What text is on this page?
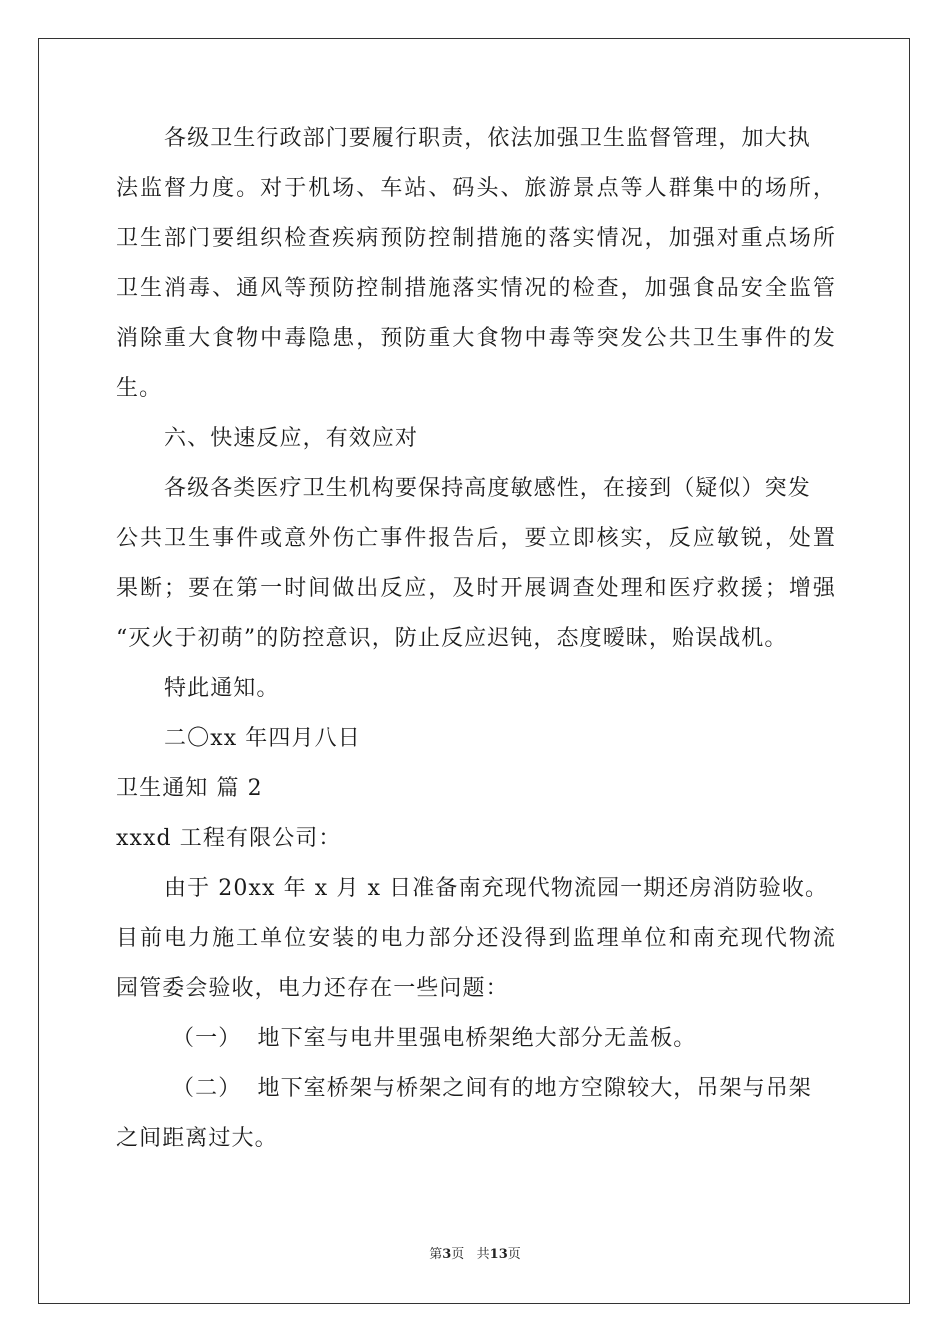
各级卫生行政部门要履行职责，依法加强卫生监督管理，加大执
法监督力度。对于机场、车站、码头、旅游景点等人群集中的场所，
卫生部门要组织检查疾病预防控制措施的落实情况，加强对重点场所
卫生消毒、通风等预防控制措施落实情况的检查，加强食品安全监管
消除重大食物中毒隐患，预防重大食物中毒等突发公共卫生事件的发
生。
六、快速反应，有效应对
各级各类医疗卫生机构要保持高度敏感性，在接到（疑似）突发
公共卫生事件或意外伤亡事件报告后，要立即核实，反应敏锐，处置
果断；要在第一时间做出反应，及时开展调查处理和医疗救援；增强
“灭火于初萌”的防控意识，防止反应迟钝，态度暧昧，贻误战机。
特此通知。
二〇xx 年四月八日
卫生通知 篇 2
xxxd 工程有限公司：
由于 20xx 年 x 月 x 日准备南充现代物流园一期还房消防验收。
目前电力施工单位安装的电力部分还没得到监理单位和南充现代物流
园管委会验收，电力还存在一些问题：
（一）  地下室与电井里强电桥架绝大部分无盖板。
（二）  地下室桥架与桥架之间有的地方空隙较大，吊架与吊架
之间距离过大。
第3页   共13页
